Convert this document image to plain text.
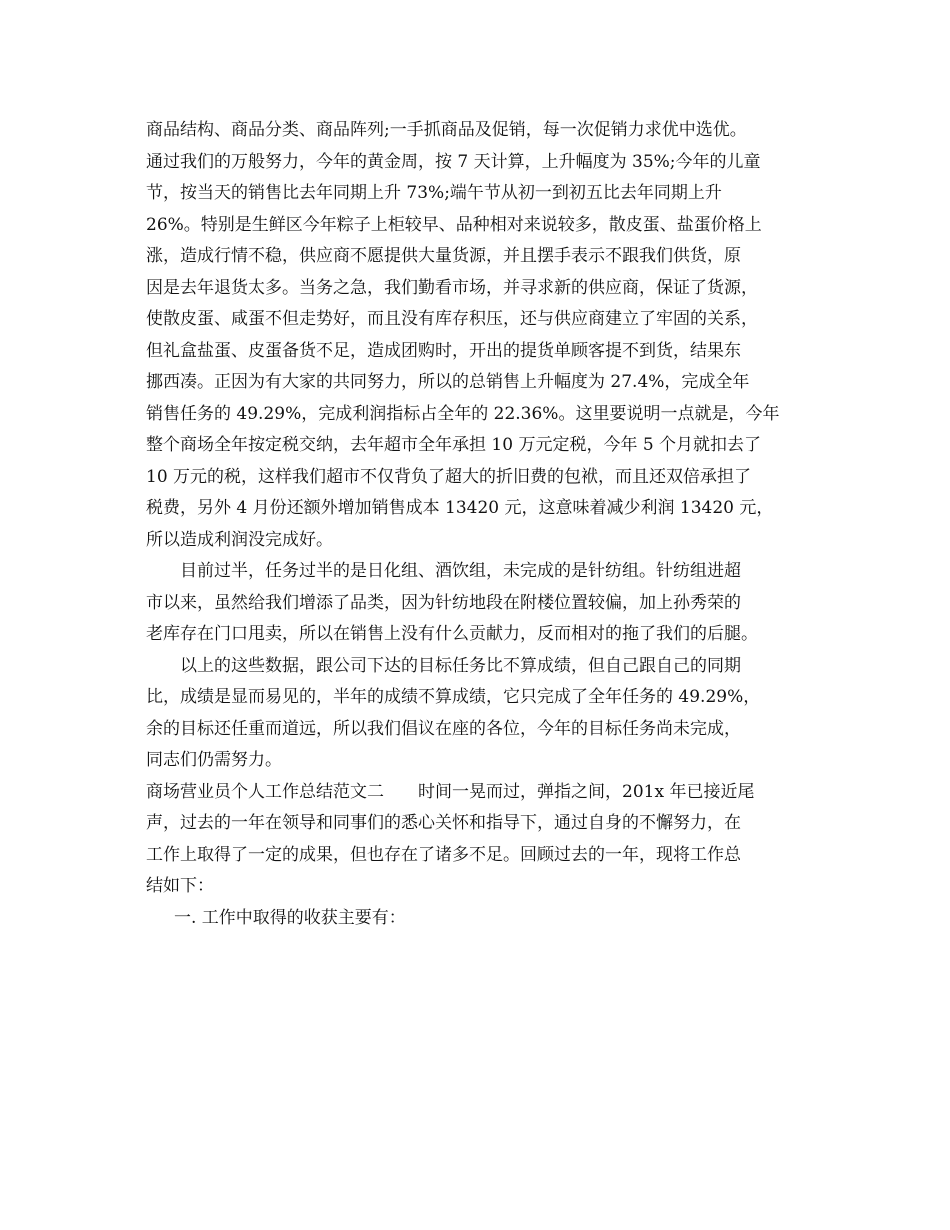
商品结构、商品分类、商品阵列;一手抓商品及促销，每一次促销力求优中选优。
通过我们的万般努力，今年的黄金周，按 7 天计算，上升幅度为 35%;今年的儿童
节，按当天的销售比去年同期上升 73%;端午节从初一到初五比去年同期上升
26%。特别是生鲜区今年粽子上柜较早、品种相对来说较多，散皮蛋、盐蛋价格上
涨，造成行情不稳，供应商不愿提供大量货源，并且摆手表示不跟我们供货，原
因是去年退货太多。当务之急，我们勤看市场，并寻求新的供应商，保证了货源，
使散皮蛋、咸蛋不但走势好，而且没有库存积压，还与供应商建立了牢固的关系，
但礼盒盐蛋、皮蛋备货不足，造成团购时，开出的提货单顾客提不到货，结果东
挪西凑。正因为有大家的共同努力，所以的总销售上升幅度为 27.4%，完成全年
销售任务的 49.29%，完成利润指标占全年的 22.36%。这里要说明一点就是，今年
整个商场全年按定税交纳，去年超市全年承担 10 万元定税，今年 5 个月就扣去了
10 万元的税，这样我们超市不仅背负了超大的折旧费的包袱，而且还双倍承担了
税费，另外 4 月份还额外增加销售成本 13420 元，这意味着减少利润 13420 元，
所以造成利润没完成好。
目前过半，任务过半的是日化组、酒饮组，未完成的是针纺组。针纺组进超
市以来，虽然给我们增添了品类，因为针纺地段在附楼位置较偏，加上孙秀荣的
老库存在门口甩卖，所以在销售上没有什么贡献力，反而相对的拖了我们的后腿。
以上的这些数据，跟公司下达的目标任务比不算成绩，但自己跟自己的同期
比，成绩是显而易见的，半年的成绩不算成绩，它只完成了全年任务的 49.29%，
余的目标还任重而道远，所以我们倡议在座的各位，今年的目标任务尚未完成，
同志们仍需努力。
商场营业员个人工作总结范文二　　时间一晃而过，弹指之间，201x 年已接近尾
声，过去的一年在领导和同事们的悉心关怀和指导下，通过自身的不懈努力，在
工作上取得了一定的成果，但也存在了诸多不足。回顾过去的一年，现将工作总
结如下：
一. 工作中取得的收获主要有：
